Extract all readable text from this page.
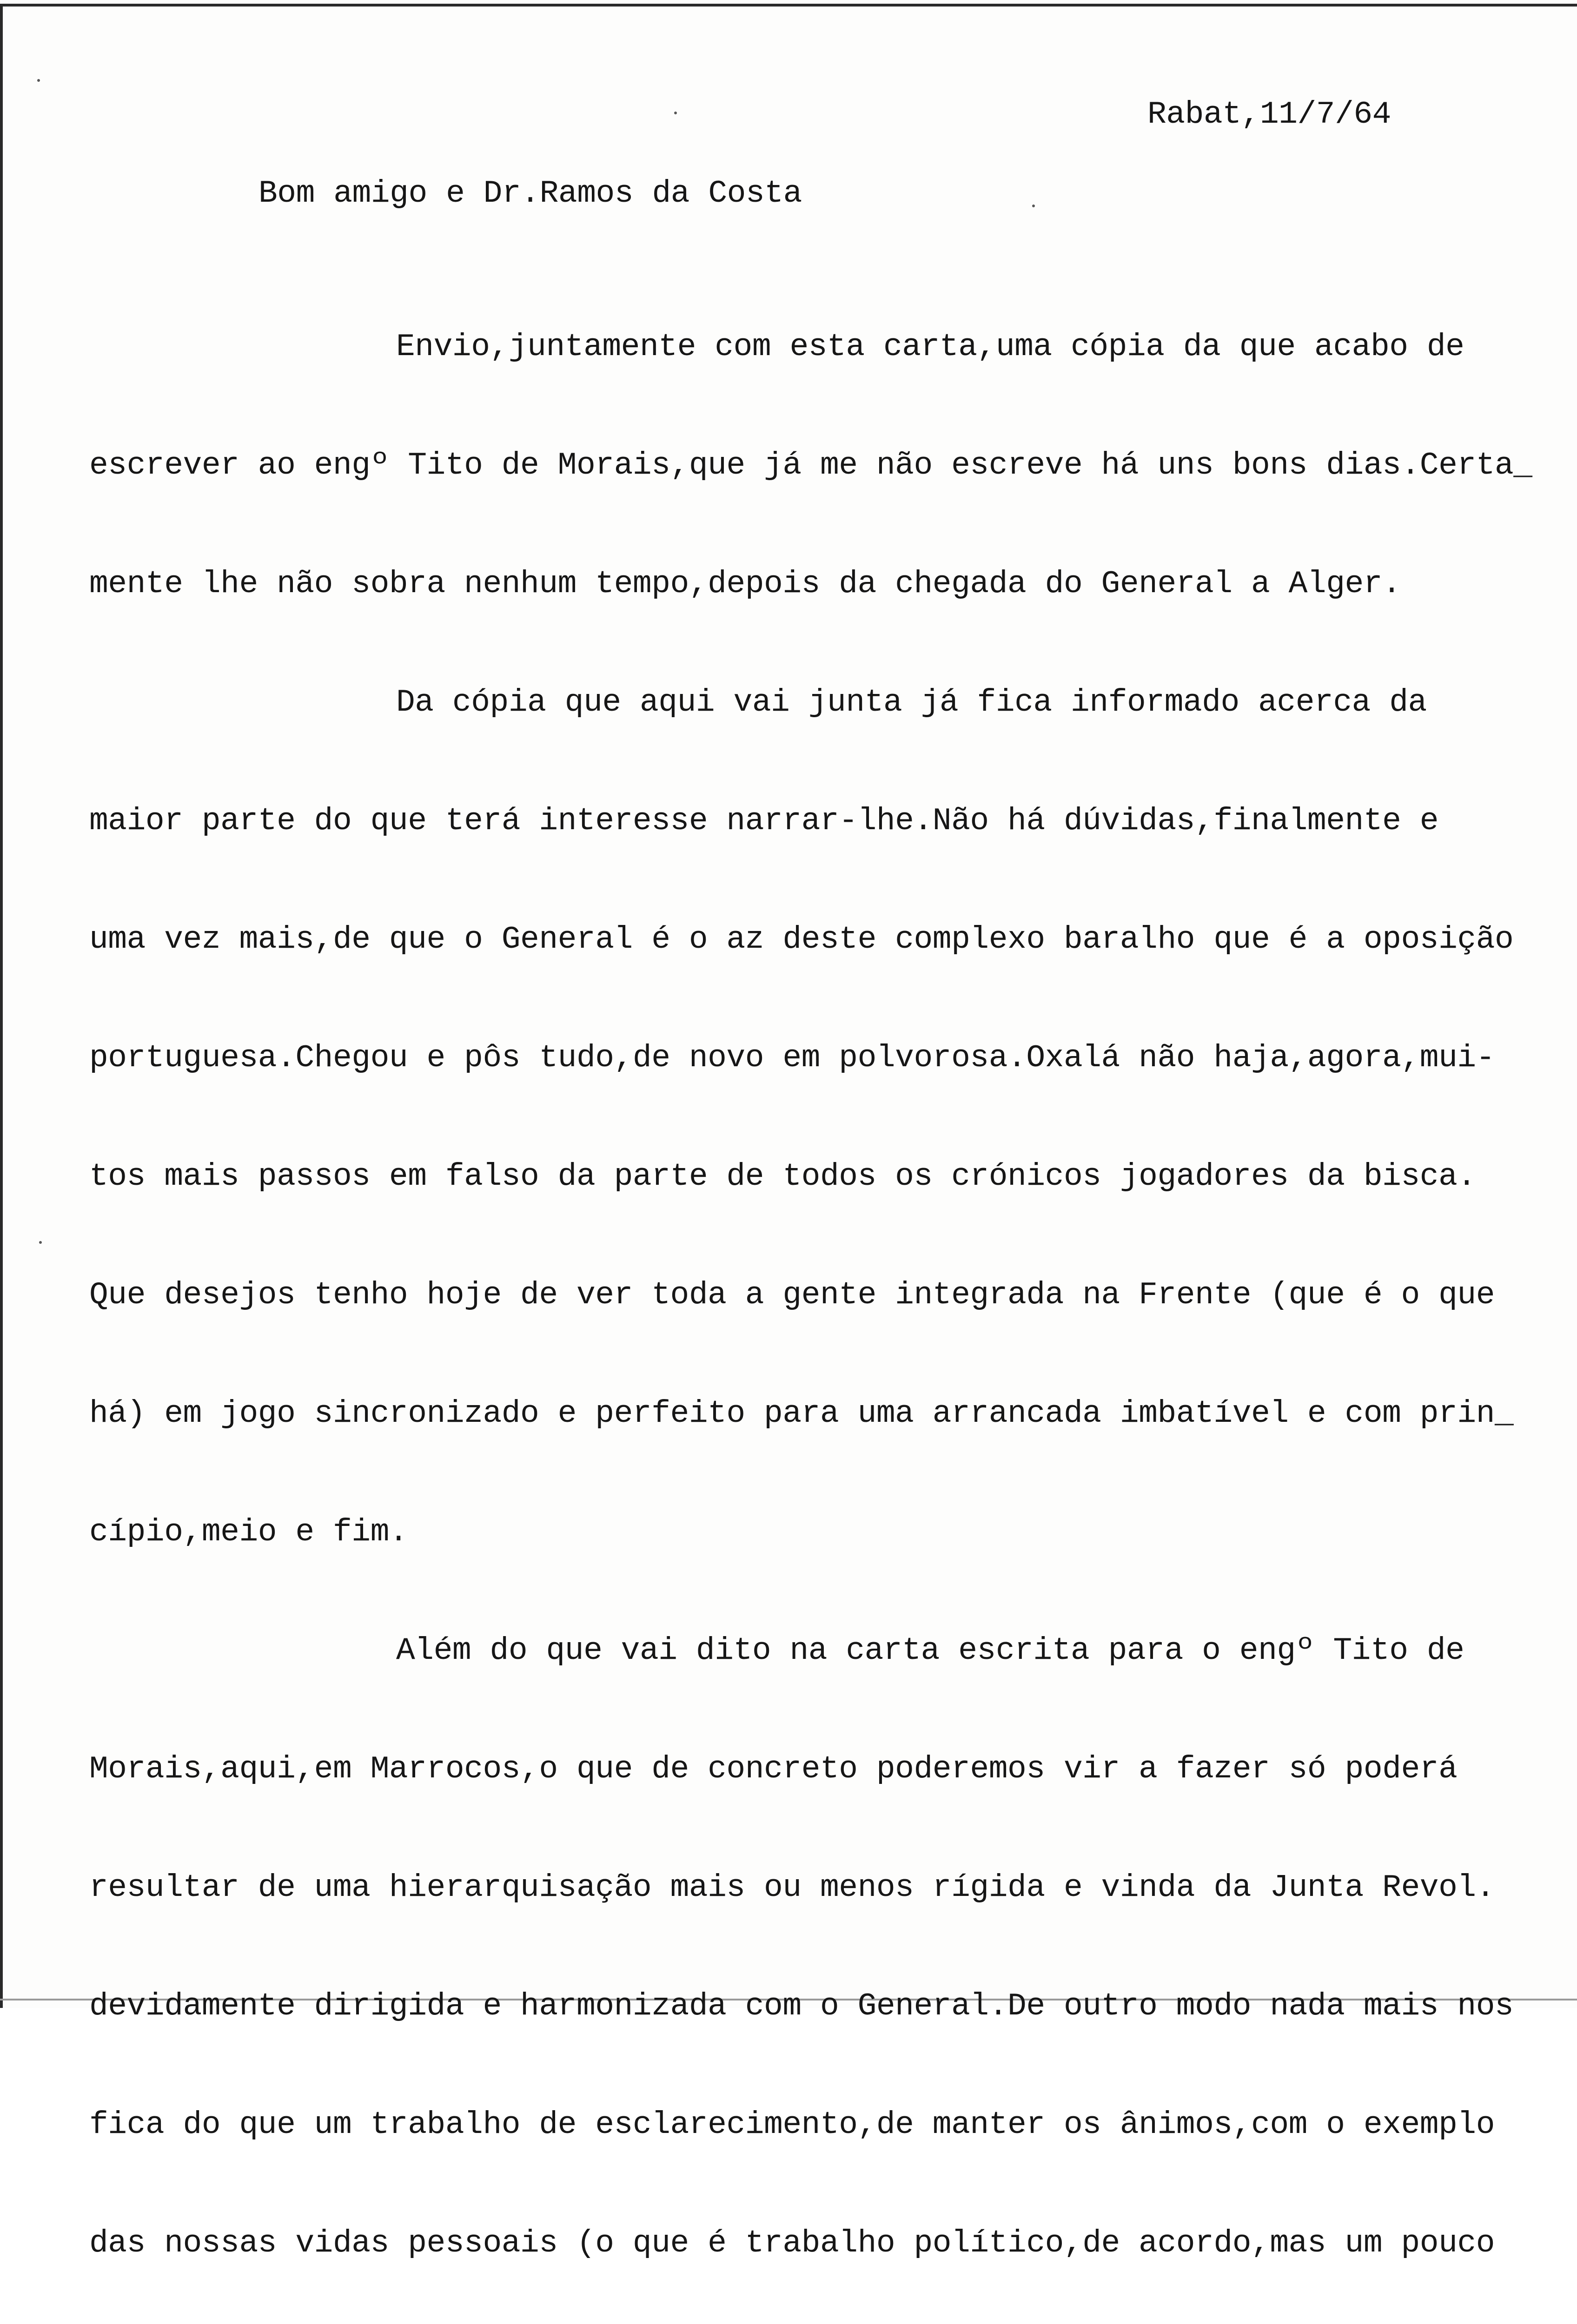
Rabat,11/7/64
Bom amigo e Dr.Ramos da Costa

Envio,juntamente com esta carta,uma cópia da que acabo de

escrever ao engº Tito de Morais,que já me não escreve há uns bons dias.Certa_

mente lhe não sobra nenhum tempo,depois da chegada do General a Alger.

Da cópia que aqui vai junta já fica informado acerca da

maior parte do que terá interesse narrar-lhe.Não há dúvidas,finalmente e

uma vez mais,de que o General é o az deste complexo baralho que é a oposição

portuguesa.Chegou e pôs tudo,de novo em polvorosa.Oxalá não haja,agora,mui-

tos mais passos em falso da parte de todos os crónicos jogadores da bisca.

Que desejos tenho hoje de ver toda a gente integrada na Frente (que é o que

há) em jogo sincronizado e perfeito para uma arrancada imbatível e com prin_

cípio,meio e fim.

Além do que vai dito na carta escrita para o engº Tito de

Morais,aqui,em Marrocos,o que de concreto poderemos vir a fazer só poderá

resultar de uma hierarquisação mais ou menos rígida e vinda da Junta Revol.

devidamente dirigida e harmonizada com o General.De outro modo nada mais nos

fica do que um trabalho de esclarecimento,de manter os ânimos,com o exemplo

das nossas vidas pessoais (o que é trabalho político,de acordo,mas um pouco
